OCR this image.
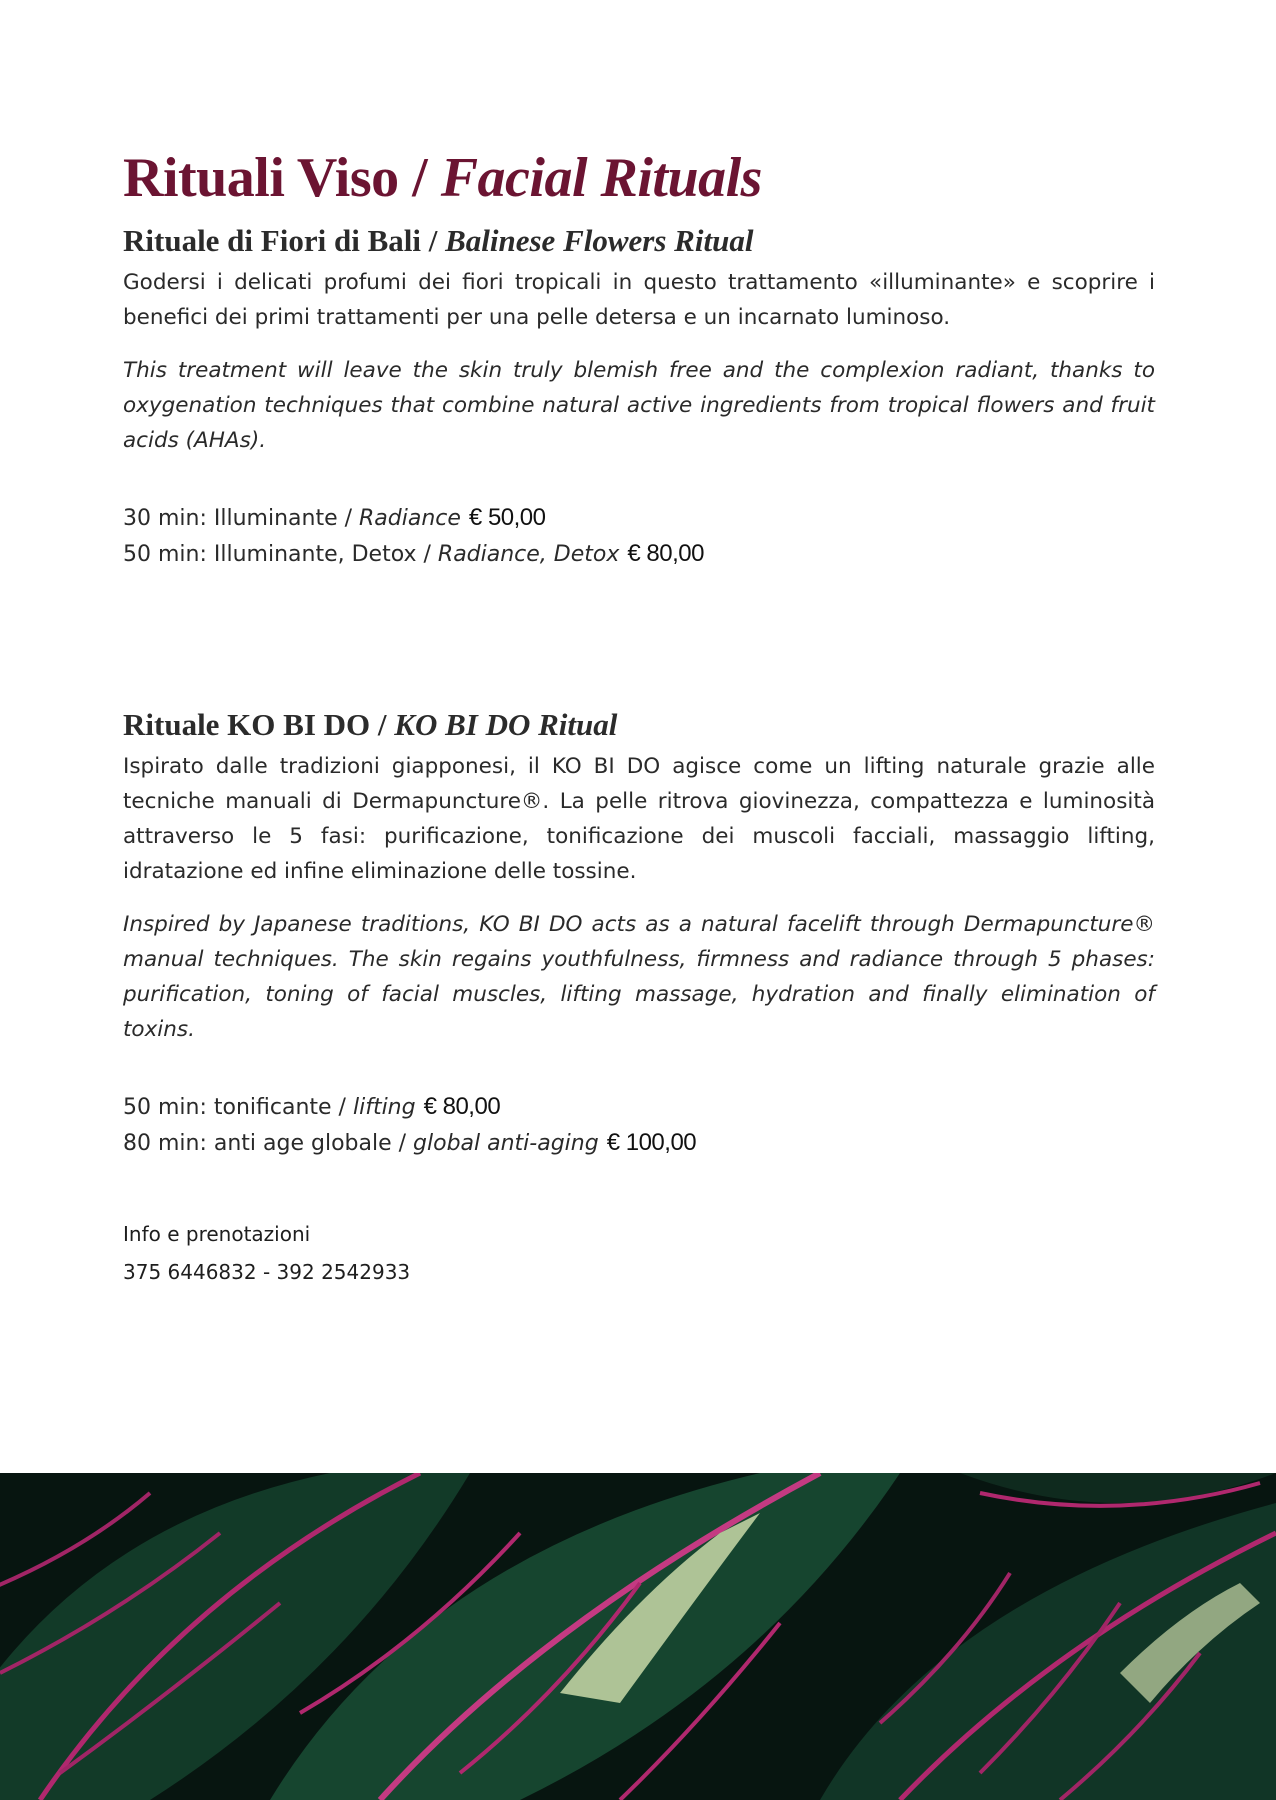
Rituali Viso / Facial Rituals
Rituale di Fiori di Bali / Balinese Flowers Ritual

Godersi i delicati profumi dei fiori tropicali in questo trattamento «illuminante» e scoprire i benefici dei primi trattamenti per una pelle detersa e un incarnato luminoso.

This treatment will leave the skin truly blemish free and the complexion radiant, thanks to oxygenation techniques that combine natural active ingredients from tropical flowers and fruit acids (AHAs).

30 min: Illuminante / Radiance € 50,00
50 min: Illuminante, Detox / Radiance, Detox € 80,00
Rituale KO BI DO / KO BI DO Ritual

Ispirato dalle tradizioni giapponesi, il KO BI DO agisce come un lifting naturale grazie alle tecniche manuali di Dermapuncture®. La pelle ritrova giovinezza, compattezza e luminosità attraverso le 5 fasi: purificazione, tonificazione dei muscoli facciali, massaggio lifting, idratazione ed infine eliminazione delle tossine.

Inspired by Japanese traditions, KO BI DO acts as a natural facelift through Dermapuncture® manual techniques. The skin regains youthfulness, firmness and radiance through 5 phases: purification, toning of facial muscles, lifting massage, hydration and finally elimination of toxins.

50 min: tonificante / lifting € 80,00
80 min: anti age globale / global anti-aging € 100,00
Info e prenotazioni
375 6446832 - 392 2542933
